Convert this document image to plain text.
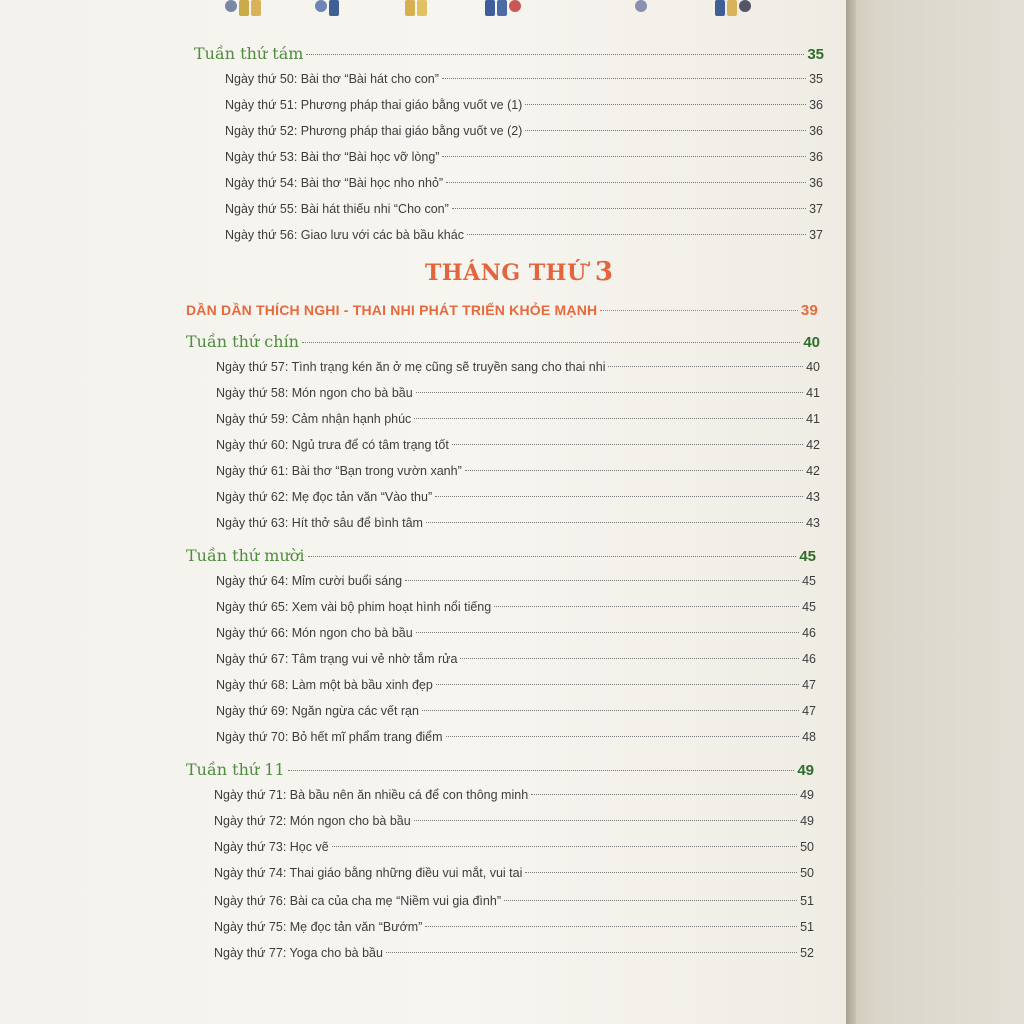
Tuần thứ tám	35
Ngày thứ 50: Bài thơ “Bài hát cho con”	35
Ngày thứ 51: Phương pháp thai giáo bằng vuốt ve (1)	36
Ngày thứ 52: Phương pháp thai giáo bằng vuốt ve (2)	36
Ngày thứ 53: Bài thơ “Bài học vỡ lòng”	36
Ngày thứ 54: Bài thơ “Bài học nho nhỏ”	36
Ngày thứ 55: Bài hát thiếu nhi “Cho con”	37
Ngày thứ 56: Giao lưu với các bà bầu khác	37
THÁNG THỨ 3
DẦN DẦN THÍCH NGHI - THAI NHI PHÁT TRIỂN KHỎE MẠNH	39
Tuần thứ chín	40
Ngày thứ 57: Tình trạng kén ăn ở mẹ cũng sẽ truyền sang cho thai nhi	40
Ngày thứ 58: Món ngon cho bà bầu	41
Ngày thứ 59: Cảm nhận hạnh phúc	41
Ngày thứ 60: Ngủ trưa để có tâm trạng tốt	42
Ngày thứ 61: Bài thơ “Bạn trong vườn xanh”	42
Ngày thứ 62: Mẹ đọc tản văn “Vào thu”	43
Ngày thứ 63: Hít thở sâu để bình tâm	43
Tuần thứ mười	45
Ngày thứ 64: Mỉm cười buổi sáng	45
Ngày thứ 65: Xem vài bộ phim hoạt hình nổi tiếng	45
Ngày thứ 66: Món ngon cho bà bầu	46
Ngày thứ 67: Tâm trạng vui vẻ nhờ tắm rửa	46
Ngày thứ 68: Làm một bà bầu xinh đẹp	47
Ngày thứ 69: Ngăn ngừa các vết rạn	47
Ngày thứ 70: Bỏ hết mĩ phẩm trang điểm	48
Tuần thứ 11	49
Ngày thứ 71: Bà bầu nên ăn nhiều cá để con thông minh	49
Ngày thứ 72: Món ngon cho bà bầu	49
Ngày thứ 73: Học vẽ	50
Ngày thứ 74: Thai giáo bằng những điều vui mắt, vui tai	50
Ngày thứ 76: Bài ca của cha mẹ “Niềm vui gia đình”	51
Ngày thứ 75: Mẹ đọc tản văn “Bướm”	51
Ngày thứ 77: Yoga cho bà bầu	52
